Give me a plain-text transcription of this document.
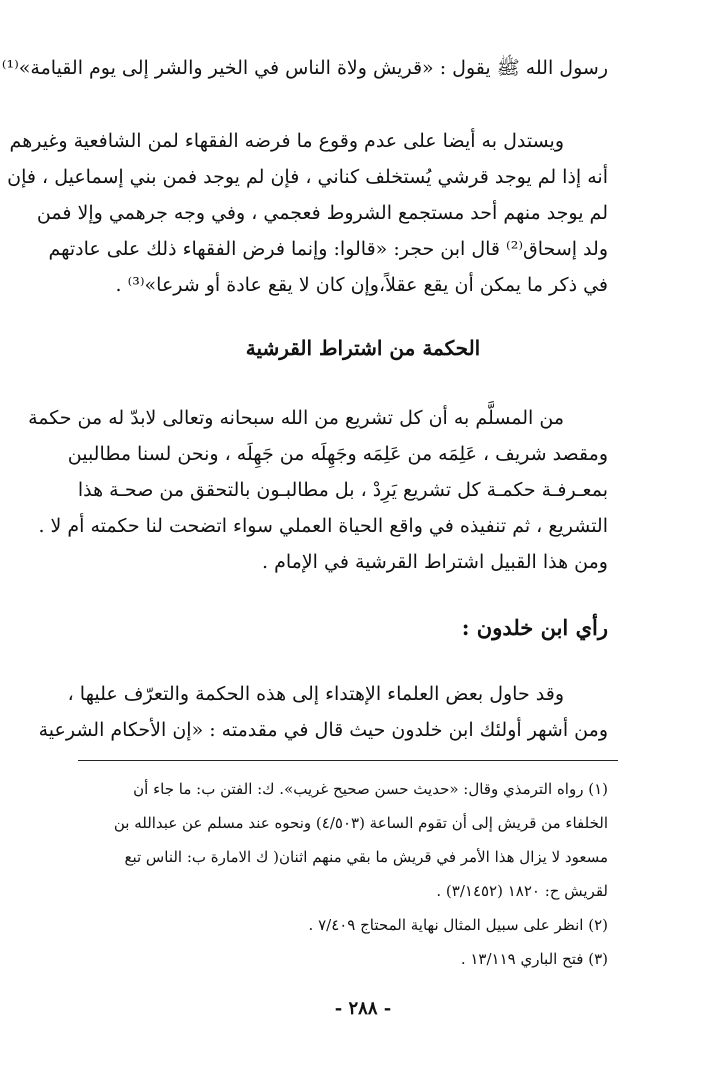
رسول الله ﷺ يقول : «قريش ولاة الناس في الخير والشر إلى يوم القيامة»⁽¹⁾
ويستدل به أيضا على عدم وقوع ما فرضه الفقهاء لمن الشافعية وغيرهم
أنه إذا لم يوجد قرشي يُستخلف كناني ، فإن لم يوجد فمن بني إسماعيل ، فإن
لم يوجد منهم أحد مستجمع الشروط فعجمي ، وفي وجه جرهمي وإلا فمن
ولد إسحاق⁽²⁾ قال ابن حجر: «قالوا: وإنما فرض الفقهاء ذلك على عادتهم
في ذكر ما يمكن أن يقع عقلاً،وإن كان لا يقع عادة أو شرعا»⁽³⁾ .
الحكمة من اشتراط القرشية
من المسلَّم به أن كل تشريع من الله سبحانه وتعالى لابدّ له من حكمة
ومقصد شريف ، عَلِمَه من عَلِمَه وجَهِلَه من جَهِلَه ، ونحن لسنا مطالبين
بمعـرفـة حكمـة كل تشريع يَرِدْ ، بل مطالبـون بالتحقق من صحـة هذا
التشريع ، ثم تنفيذه في واقع الحياة العملي سواء اتضحت لنا حكمته أم لا .
ومن هذا القبيل اشتراط القرشية في الإمام .
رأي ابن خلدون :
وقد حاول بعض العلماء الإهتداء إلى هذه الحكمة والتعرّف عليها ،
ومن أشهر أولئك ابن خلدون حيث قال في مقدمته : «إن الأحكام الشرعية
(١) رواه الترمذي وقال: «حديث حسن صحيح غريب». ك: الفتن ب: ما جاء أن
الخلفاء من قريش إلى أن تقوم الساعة (٤/٥٠٣) ونحوه عند مسلم عن عبدالله بن
مسعود لا يزال هذا الأمر في قريش ما بقي منهم اثنان( ك الامارة ب: الناس تبع
لقريش ح: ١٨٢٠ (٣/١٤٥٢) .
(٢) انظر على سبيل المثال نهاية المحتاج ٧/٤٠٩ .
(٣) فتح الباري ١٣/١١٩ .
- ٢٨٨ -
